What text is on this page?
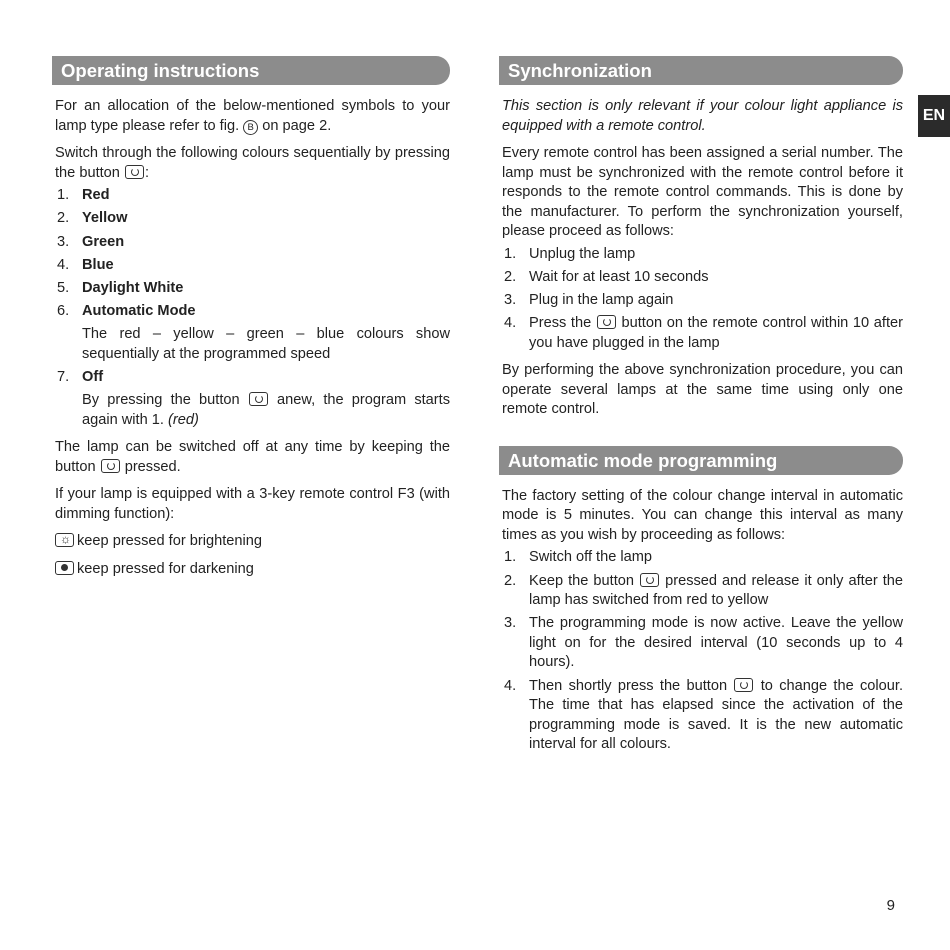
EN
Operating instructions

For an allocation of the below-mentioned symbols to your lamp type please refer to fig. B on page 2.

Switch through the following colours sequentially by pressing the button :

1. Red
2. Yellow
3. Green
4. Blue
5. Daylight White
6. Automatic Mode
The red – yellow – green – blue colours show sequentially at the programmed speed
7. Off
By pressing the button	anew, the program starts again with 1. (red)

The lamp can be switched off at any time by keeping the button pressed.

If your lamp is equipped with a 3-key remote control F3 (with dimming function):

☼keep pressed for brightening
keep pressed for darkening
Synchronization

This section is only relevant if your colour light appliance is equipped with a remote control.

Every remote control has been assigned a serial number. The lamp must be synchronized with the remote control before it responds to the remote control commands. This is done by the manufacturer. To perform the synchronization yourself, please proceed as follows:

1. Unplug the lamp
2. Wait for at least 10 seconds
3. Plug in the lamp again
4. Press the button on the remote control within 10 after you have plugged in the lamp

By performing the above synchronization procedure, you can operate several lamps at the same time using only one remote control.

Automatic mode programming

The factory setting of the colour change interval in automatic mode is 5 minutes. You can change this interval as many times as you wish by proceeding as follows:

1. Switch off the lamp
2. Keep the button pressed and release it only after the lamp has switched from red to yellow
3. The programming mode is now active. Leave the yellow light on for the desired interval (10 seconds up to 4 hours).
4. Then shortly press the button to change the colour. The time that has elapsed since the activation of the programming mode is saved. It is the new automatic interval for all colours.
9
